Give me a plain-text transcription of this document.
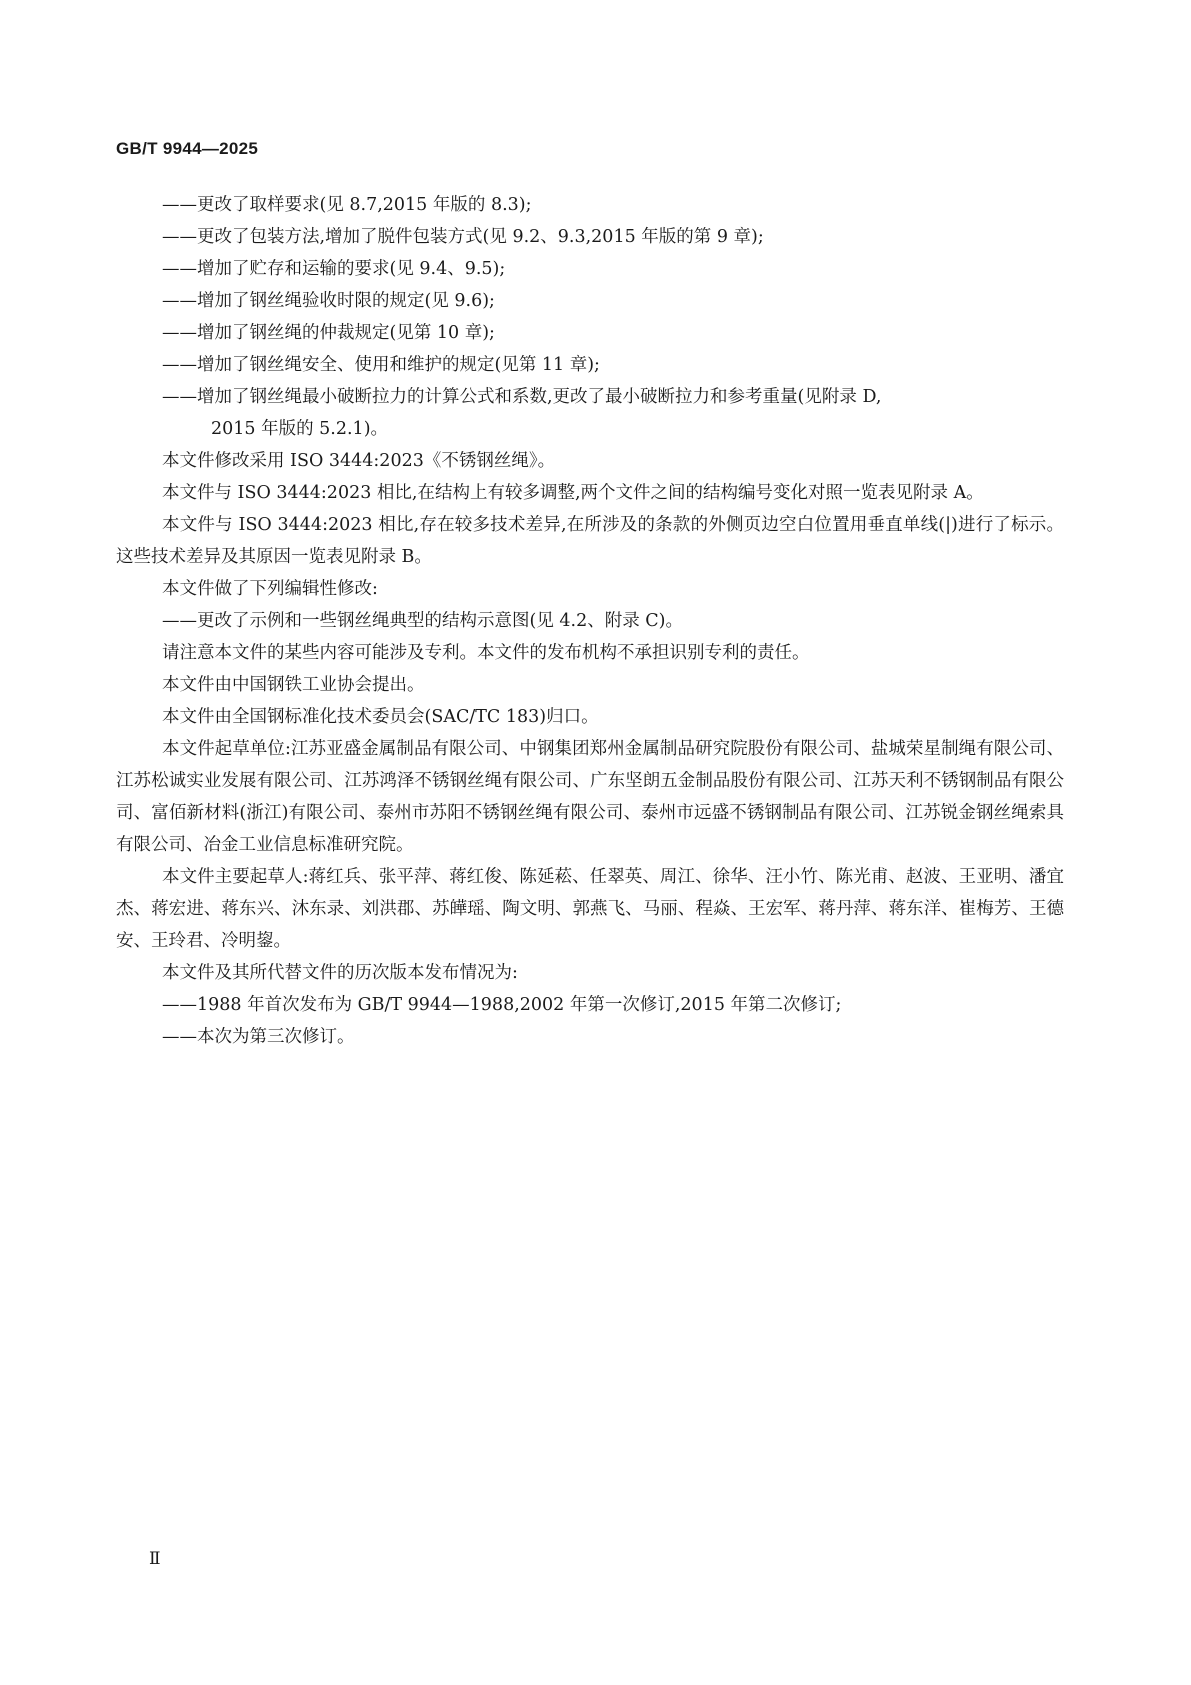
GB/T 9944—2025

——更改了取样要求(见 8.7,2015 年版的 8.3);

——更改了包装方法,增加了脱件包装方式(见 9.2、9.3,2015 年版的第 9 章);

——增加了贮存和运输的要求(见 9.4、9.5);

——增加了钢丝绳验收时限的规定(见 9.6);

——增加了钢丝绳的仲裁规定(见第 10 章);

——增加了钢丝绳安全、使用和维护的规定(见第 11 章);

——增加了钢丝绳最小破断拉力的计算公式和系数,更改了最小破断拉力和参考重量(见附录 D,

2015 年版的 5.2.1)。

本文件修改采用 ISO 3444:2023《不锈钢丝绳》。

本文件与 ISO 3444:2023 相比,在结构上有较多调整,两个文件之间的结构编号变化对照一览表见附录 A。

本文件与 ISO 3444:2023 相比,存在较多技术差异,在所涉及的条款的外侧页边空白位置用垂直单线(|)进行了标示。这些技术差异及其原因一览表见附录 B。

本文件做了下列编辑性修改:

——更改了示例和一些钢丝绳典型的结构示意图(见 4.2、附录 C)。

请注意本文件的某些内容可能涉及专利。本文件的发布机构不承担识别专利的责任。

本文件由中国钢铁工业协会提出。

本文件由全国钢标准化技术委员会(SAC/TC 183)归口。

本文件起草单位:江苏亚盛金属制品有限公司、中钢集团郑州金属制品研究院股份有限公司、盐城荣星制绳有限公司、江苏松诚实业发展有限公司、江苏鸿泽不锈钢丝绳有限公司、广东坚朗五金制品股份有限公司、江苏天利不锈钢制品有限公司、富佰新材料(浙江)有限公司、泰州市苏阳不锈钢丝绳有限公司、泰州市远盛不锈钢制品有限公司、江苏锐金钢丝绳索具有限公司、冶金工业信息标准研究院。

本文件主要起草人:蒋红兵、张平萍、蒋红俊、陈延菘、任翠英、周江、徐华、汪小竹、陈光甫、赵波、王亚明、潘宜杰、蒋宏进、蒋东兴、沐东录、刘洪郡、苏皣瑶、陶文明、郭燕飞、马丽、程焱、王宏军、蒋丹萍、蒋东洋、崔梅芳、王德安、王玲君、冷明鋆。

本文件及其所代替文件的历次版本发布情况为:

——1988 年首次发布为 GB/T 9944—1988,2002 年第一次修订,2015 年第二次修订;

——本次为第三次修订。

Ⅱ
